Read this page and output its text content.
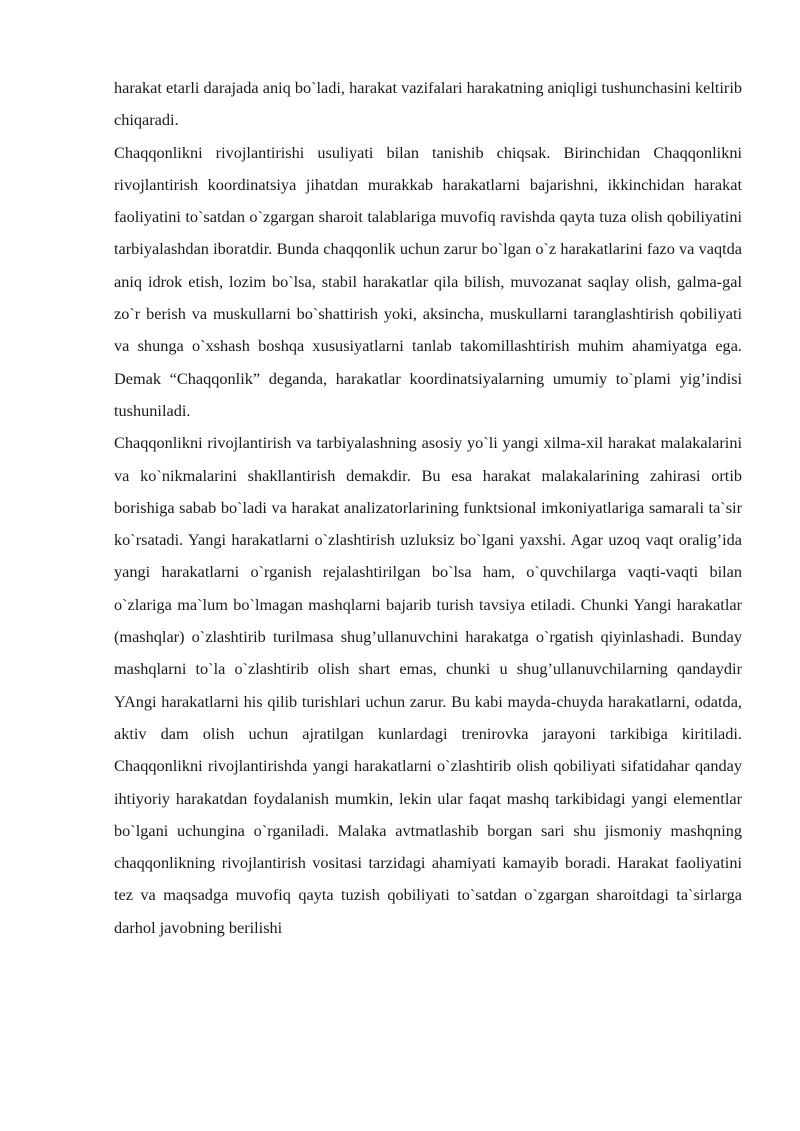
harakat etarli darajada aniq bo`ladi, harakat vazifalari harakatning aniqligi tushunchasini keltirib chiqaradi.

Chaqqonlikni rivojlantirishi usuliyati bilan tanishib chiqsak. Birinchidan Chaqqonlikni rivojlantirish koordinatsiya jihatdan murakkab harakatlarni bajarishni, ikkinchidan harakat faoliyatini to`satdan o`zgargan sharoit talablariga muvofiq ravishda qayta tuza olish qobiliyatini tarbiyalashdan iboratdir. Bunda chaqqonlik uchun zarur bo`lgan o`z harakatlarini fazo va vaqtda aniq idrok etish, lozim bo`lsa, stabil harakatlar qila bilish, muvozanat saqlay olish, galma-gal zo`r berish va muskullarni bo`shattirish yoki, aksincha, muskullarni taranglashtirish qobiliyati va shunga o`xshash boshqa xususiyatlarni tanlab takomillashtirish muhim ahamiyatga ega. Demak “Chaqqonlik” deganda, harakatlar koordinatsiyalarning umumiy to`plami yig’indisi tushuniladi.

Chaqqonlikni rivojlantirish va tarbiyalashning asosiy yo`li yangi xilma-xil harakat malakalarini va ko`nikmalarini shakllantirish demakdir. Bu esa harakat malakalarining zahirasi ortib borishiga sabab bo`ladi va harakat analizatorlarining funktsional imkoniyatlariga samarali ta`sir ko`rsatadi. Yangi harakatlarni o`zlashtirish uzluksiz bo`lgani yaxshi. Agar uzoq vaqt oralig’ida yangi harakatlarni o`rganish rejalashtirilgan bo`lsa ham, o`quvchilarga vaqti-vaqti bilan o`zlariga ma`lum bo`lmagan mashqlarni bajarib turish tavsiya etiladi. Chunki Yangi harakatlar (mashqlar) o`zlashtirib turilmasa shug’ullanuvchini harakatga o`rgatish qiyinlashadi. Bunday mashqlarni to`la o`zlashtirib olish shart emas, chunki u shug’ullanuvchilarning qandaydir YAngi harakatlarni his qilib turishlari uchun zarur. Bu kabi mayda-chuyda harakatlarni, odatda, aktiv dam olish uchun ajratilgan kunlardagi trenirovka jarayoni tarkibiga kiritiladi. Chaqqonlikni rivojlantirishda yangi harakatlarni o`zlashtirib olish qobiliyati sifatidahar qanday ihtiyoriy harakatdan foydalanish mumkin, lekin ular faqat mashq tarkibidagi yangi elementlar bo`lgani uchungina o`rganiladi. Malaka avtmatlashib borgan sari shu jismoniy mashqning chaqqonlikning rivojlantirish vositasi tarzidagi ahamiyati kamayib boradi. Harakat faoliyatini tez va maqsadga muvofiq qayta tuzish qobiliyati to`satdan o`zgargan sharoitdagi ta`sirlarga darhol javobning berilishi
